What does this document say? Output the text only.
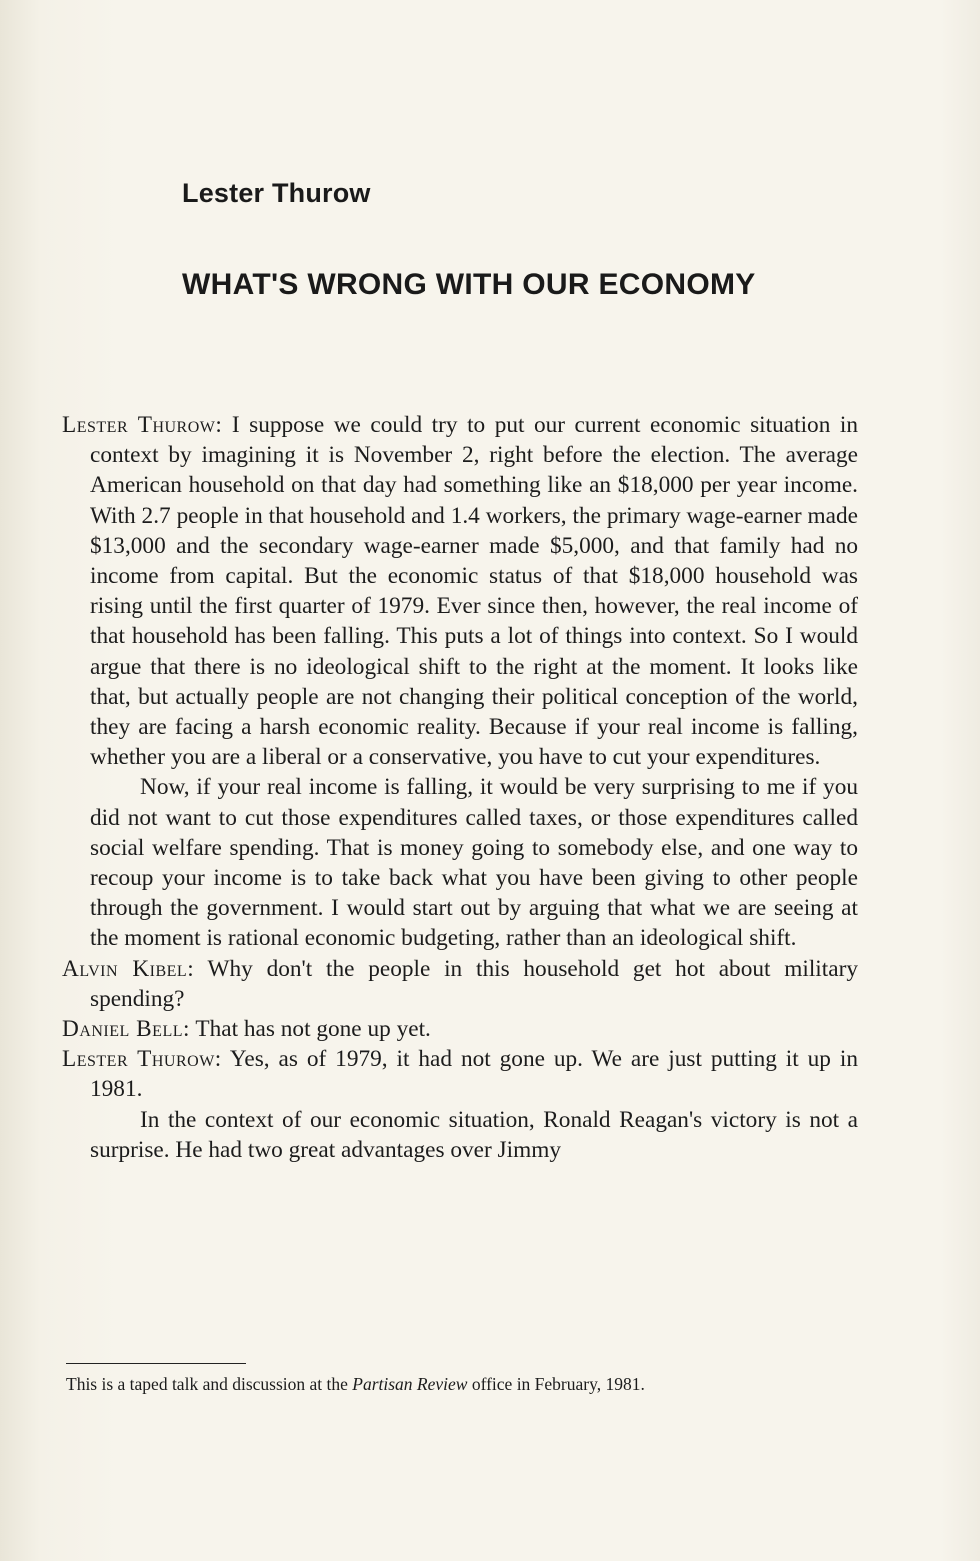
Lester Thurow
WHAT'S WRONG WITH OUR ECONOMY
Lester Thurow: I suppose we could try to put our current economic situation in context by imagining it is November 2, right before the election. The average American household on that day had something like an $18,000 per year income. With 2.7 people in that household and 1.4 workers, the primary wage-earner made $13,000 and the secondary wage-earner made $5,000, and that family had no income from capital. But the economic status of that $18,000 household was rising until the first quarter of 1979. Ever since then, however, the real income of that household has been falling. This puts a lot of things into context. So I would argue that there is no ideological shift to the right at the moment. It looks like that, but actually people are not changing their political conception of the world, they are facing a harsh economic reality. Because if your real income is falling, whether you are a liberal or a conservative, you have to cut your expenditures.
Now, if your real income is falling, it would be very surprising to me if you did not want to cut those expenditures called taxes, or those expenditures called social welfare spending. That is money going to somebody else, and one way to recoup your income is to take back what you have been giving to other people through the government. I would start out by arguing that what we are seeing at the moment is rational economic budgeting, rather than an ideological shift.
Alvin Kibel: Why don't the people in this household get hot about military spending?
Daniel Bell: That has not gone up yet.
Lester Thurow: Yes, as of 1979, it had not gone up. We are just putting it up in 1981.
In the context of our economic situation, Ronald Reagan's victory is not a surprise. He had two great advantages over Jimmy
This is a taped talk and discussion at the Partisan Review office in February, 1981.
